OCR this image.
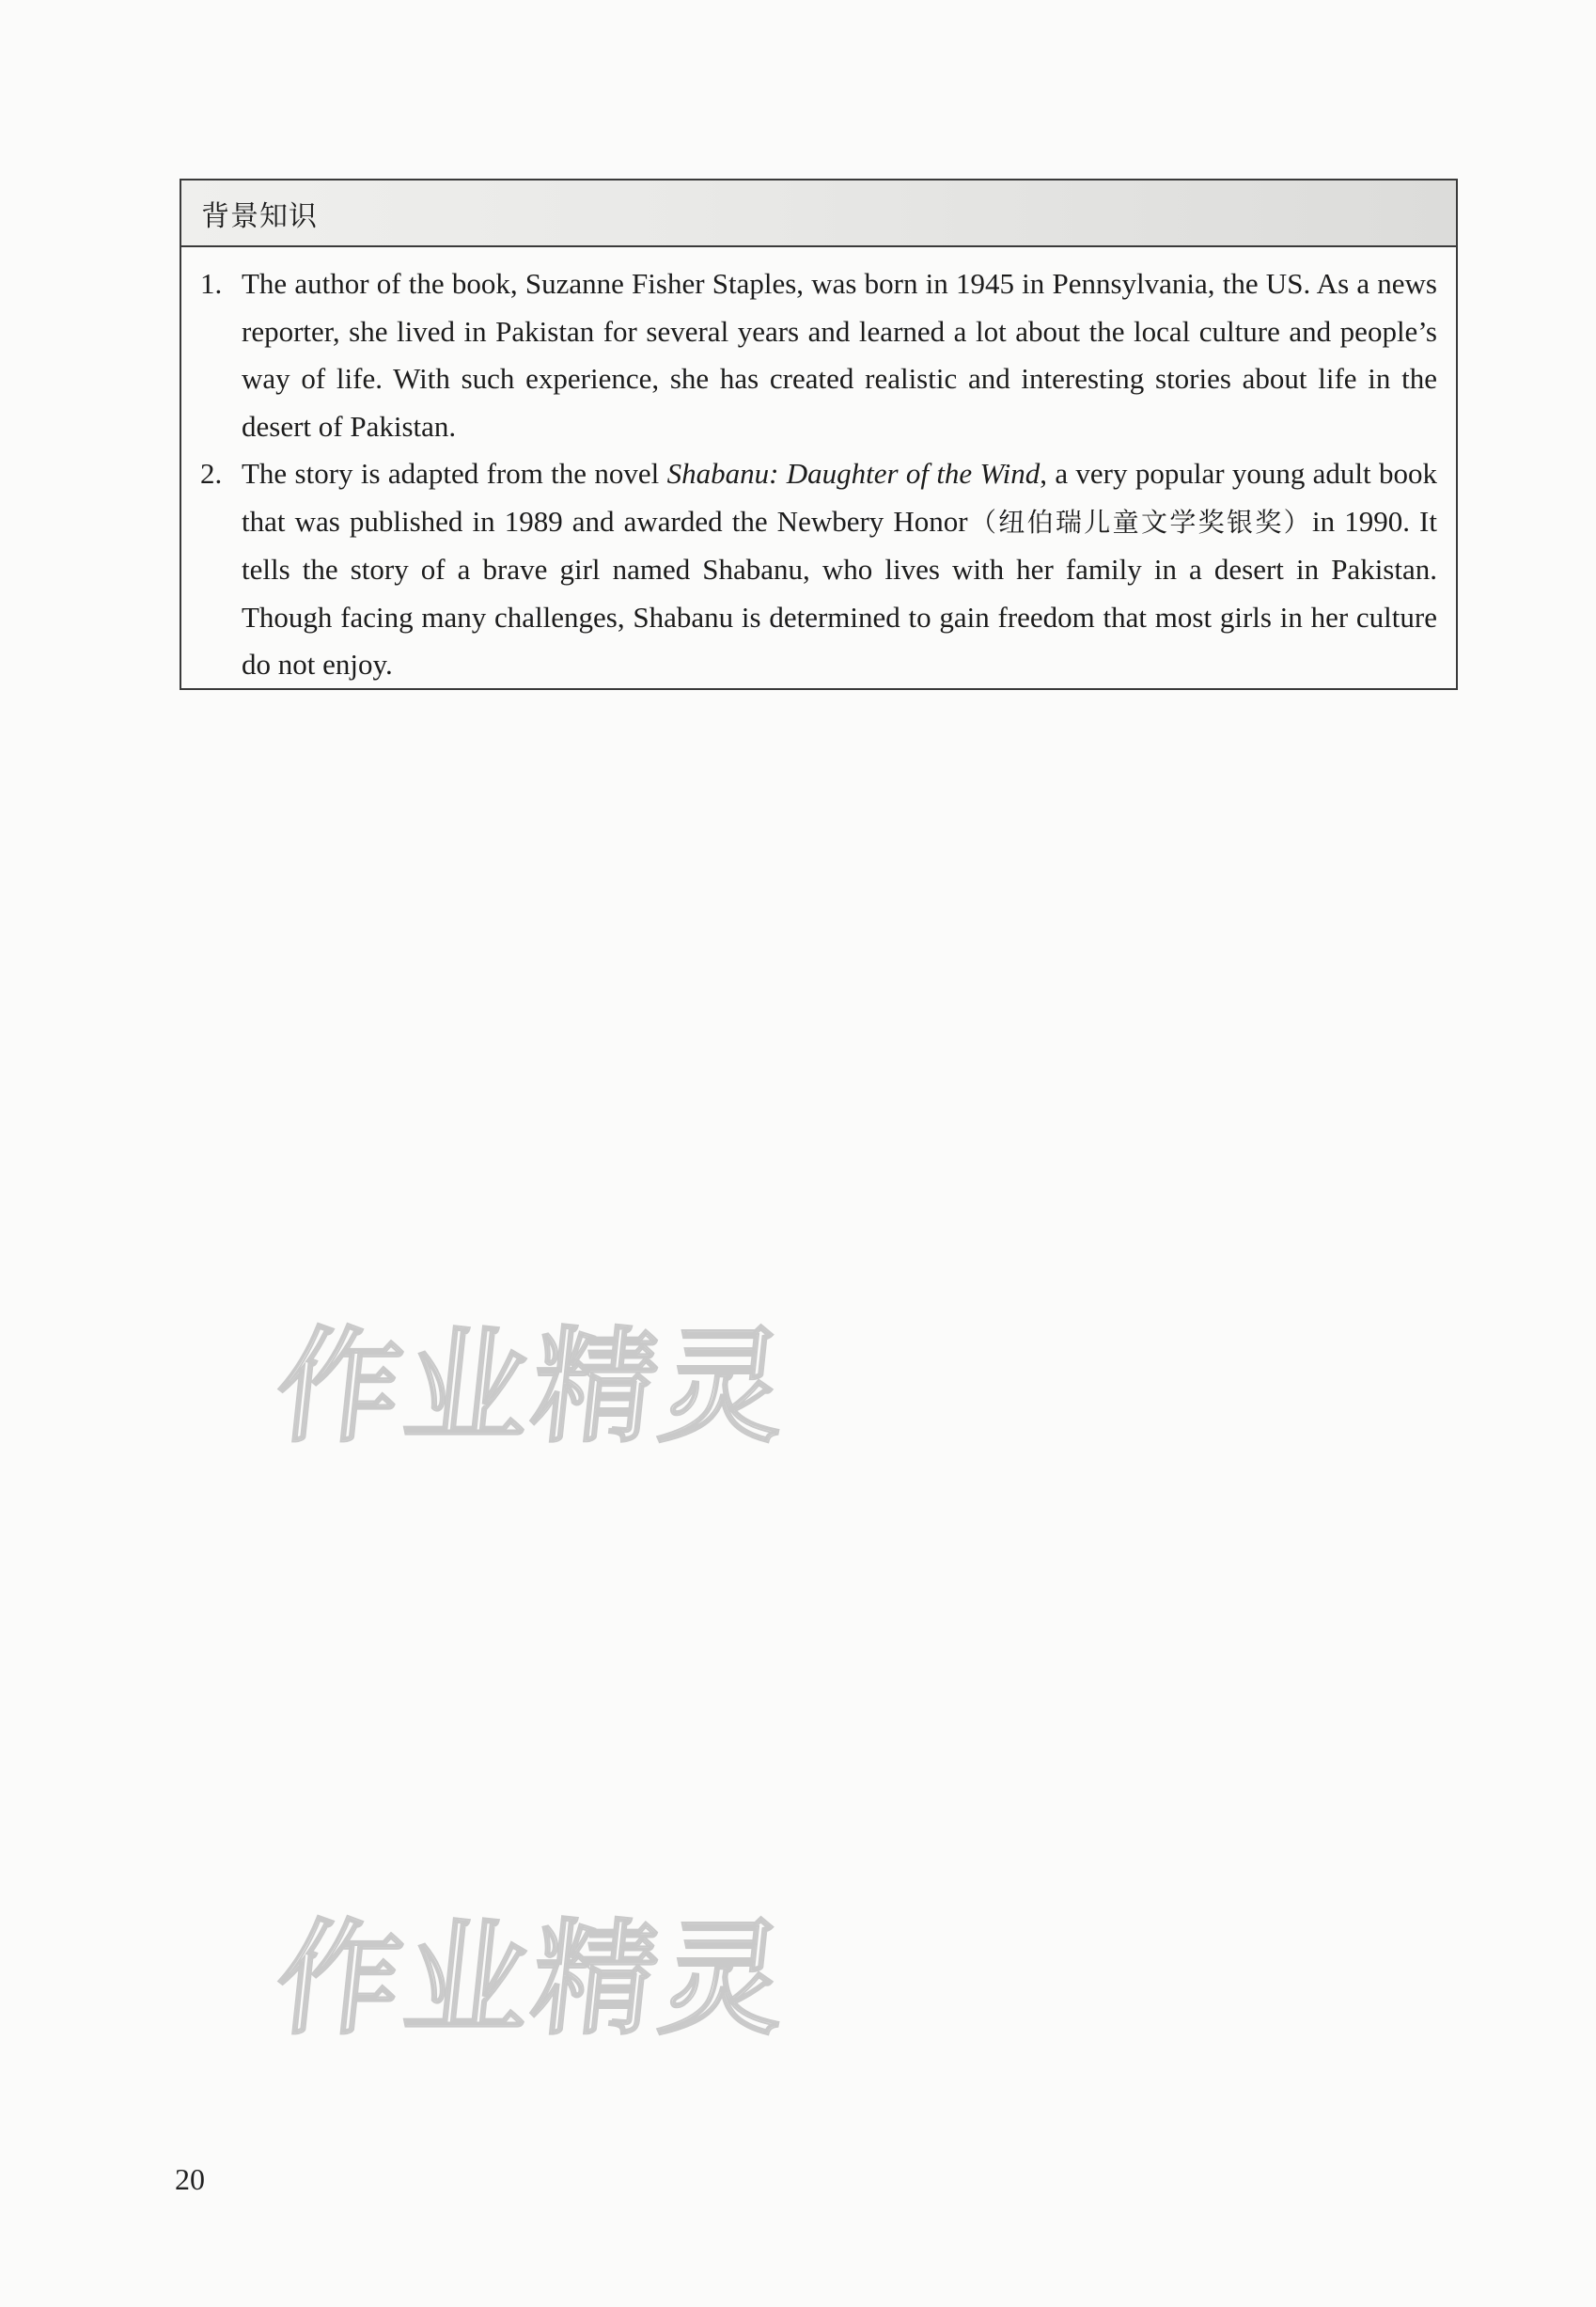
背景知识
1. The author of the book, Suzanne Fisher Staples, was born in 1945 in Pennsylvania, the US. As a news reporter, she lived in Pakistan for several years and learned a lot about the local culture and people’s way of life. With such experience, she has created realistic and interesting stories about life in the desert of Pakistan.
2. The story is adapted from the novel Shabanu: Daughter of the Wind, a very popular young adult book that was published in 1989 and awarded the Newbery Honor（纽伯瑞儿童文学奖银奖）in 1990. It tells the story of a brave girl named Shabanu, who lives with her family in a desert in Pakistan. Though facing many challenges, Shabanu is determined to gain freedom that most girls in her culture do not enjoy.
作业精灵
作业精灵
20
